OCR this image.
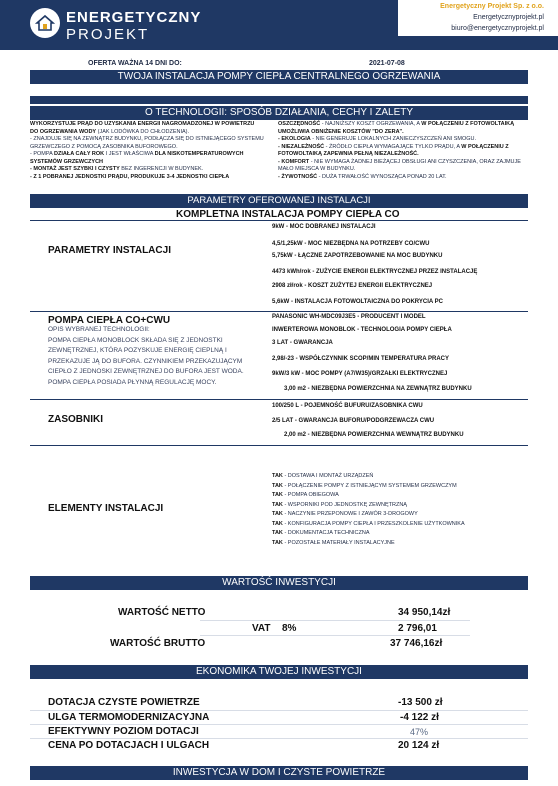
ENERGETYCZNY
PROJEKT
Energetyczny Projekt Sp. z o.o.
Energetycznyprojekt.pl
biuro@energetycznyprojekt.pl
OFERTA WAŻNA 14 DNI DO:	2021-07-08
TWOJA INSTALACJA POMPY CIEPŁA CENTRALNEGO OGRZEWANIA
O TECHNOLOGII: SPOSÓB DZIAŁANIA, CECHY I ZALETY
WYKORZYSTUJE PRĄD DO UZYSKANIA ENERGII NAGROMADZONEJ W POWIETRZU
DO OGRZEWANIA WODY (JAK LODÓWKA DO CHŁODZENIA).
- ZNAJDUJE SIĘ NA ZEWNĄTRZ BUDYNKU, PODŁĄCZA SIĘ DO ISTNIEJĄCEGO SYSTEMU
GRZEWCZEGO Z POMOCĄ ZASOBNIKA BUFOROWEGO.
- POMPA DZIAŁA CAŁY ROK I JEST WŁAŚCIWA DLA NISKOTEMPERATUROWYCH
SYSTEMÓW GRZEWCZYCH
- MONTAŻ JEST SZYBKI I CZYSTY BEZ INGERENCJI W BUDYNEK.
- Z 1 POBRANEJ JEDNOSTKI PRĄDU, PRODUKUJE 3-4 JEDNOSTKI CIEPŁA
OSZCZĘDNOŚĆ - NAJNIŻSZY KOSZT OGRZEWANIA, A W POŁĄCZENIU Z FOTOWOLTAIKĄ
UMOŻLIWIA OBNIŻENIE KOSZTÓW "DO ZERA".
- EKOLOGIA - NIE GENERUJE LOKALNYCH ZANIECZYSZCZEŃ ANI SMOGU.
- NIEZALEŻNOŚĆ - ŹRÓDŁO CIEPŁA WYMAGAJĄCE TYLKO PRĄDU, A W POŁĄCZENIU Z
FOTOWOLTAIKĄ ZAPEWNIA PEŁNĄ NIEZALEŻNOŚĆ.
- KOMFORT - NIE WYMAGA ŻADNEJ BIEŻĄCEJ OBSŁUGI ANI CZYSZCZENIA, ORAZ ZAJMUJE
MAŁO MIEJSCA W BUDYNKU.
- ŻYWOTNOŚĆ - DUŻA TRWAŁOŚĆ WYNOSZĄCA PONAD 20 LAT.
PARAMETRY OFEROWANEJ INSTALACJI
KOMPLETNA INSTALACJA POMPY CIEPŁA CO
PARAMETRY INSTALACJI
9kW - MOC DOBRANEJ INSTALACJI
4,5/1,25kW - MOC NIEZBĘDNA NA POTRZEBY CO/CWU
5,75kW - ŁĄCZNE ZAPOTRZEBOWANIE NA MOC BUDYNKU
4473 kWh/rok - ZUŻYCIE ENERGII ELEKTRYCZNEJ PRZEZ INSTALACJĘ
2908 zł/rok - KOSZT ZUŻYTEJ ENERGII ELEKTRYCZNEJ
5,6kW - INSTALACJA FOTOWOLTAICZNA DO POKRYCIA PC
POMPA CIEPŁA CO+CWU
OPIS WYBRANEJ TECHNOLOGII:
POMPA CIEPŁA MONOBLOCK SKŁADA SIĘ Z JEDNOSTKI
ZEWNĘTRZNEJ, KTÓRA POZYSKUJE ENERGIĘ CIEPLNĄ I
PRZEKAZUJE JĄ DO BUFORA. CZYNNIKIEM PRZEKAZUJĄCYM
CIEPŁO Z JEDNOSKI ZEWNĘTRZNEJ DO BUFORA JEST WODA.
POMPA CIEPŁA POSIADA PŁYNNĄ REGULACJĘ MOCY.
PANASONIC WH-MDC09J3E5 - PRODUCENT I MODEL
INWERTEROWA MONOBLOK - TECHNOLOGIA POMPY CIEPŁA
3 LAT - GWARANCJA
2,98/-23 - WSPÓŁCZYNNIK SCOP/MIN TEMPERATURA PRACY
9kW/3 kW - MOC POMPY (A7/W35)/GRZAŁKI ELEKTRYCZNEJ
3,00 m2 - NIEZBĘDNA POWIERZCHNIA NA ZEWNĄTRZ BUDYNKU
ZASOBNIKI
100/250 L - POJEMNOŚĆ BUFURU/ZASOBNIKA CWU
2/5 LAT - GWARANCJA BUFORU/PODGRZEWACZA CWU
2,00 m2 - NIEZBĘDNA POWIERZCHNIA WEWNĄTRZ BUDYNKU
ELEMENTY INSTALACJI
TAK - DOSTAWA I MONTAŻ URZĄDZEŃ
TAK - POŁĄCZENIE POMPY Z ISTNIEJĄCYM SYSTEMEM GRZEWCZYM
TAK - POMPA OBIEGOWA
TAK - WSPORNIKI POD JEDNOSTKĘ ZEWNĘTRZNĄ
TAK - NACZYNIE PRZEPONOWE I ZAWÓR 3-DROGOWY
TAK - KONFIGURACJA POMPY CIEPŁA I PRZESZKOLENIE UŻYTKOWNIKA
TAK - DOKUMENTACJA TECHNICZNA
TAK - POZOSTAŁE MATERIAŁY INSTALACYJNE
WARTOŚĆ INWESTYCJI
WARTOŚĆ NETTO	34 950,14zł
VAT 8%	2 796,01
WARTOŚĆ BRUTTO	37 746,16zł
EKONOMIKA TWOJEJ INWESTYCJI
DOTACJA CZYSTE POWIETRZE	-13 500 zł
ULGA TERMOMODERNIZACYJNA	-4 122 zł
EFEKTYWNY POZIOM DOTACJI	47%
CENA PO DOTACJACH I ULGACH	20 124 zł
INWESTYCJA W DOM I CZYSTE POWIETRZE
